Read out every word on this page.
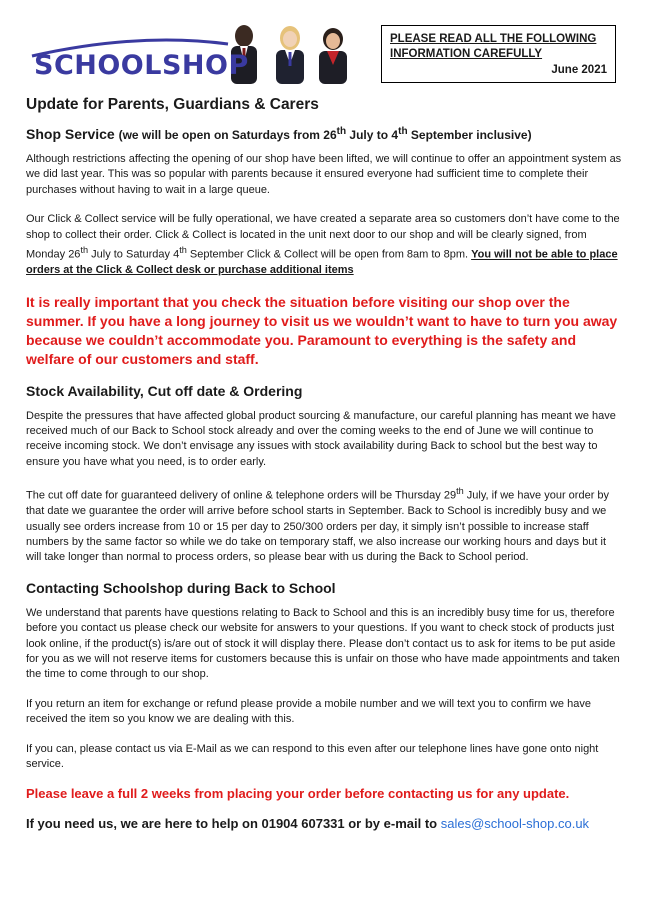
SCHOOLSHOP
PLEASE READ ALL THE FOLLOWING INFORMATION CAREFULLY
June 2021
Update for Parents, Guardians & Carers
Shop Service (we will be open on Saturdays from 26th July to 4th September inclusive)

Although restrictions affecting the opening of our shop have been lifted, we will continue to offer an appointment system as we did last year. This was so popular with parents because it ensured everyone had sufficient time to complete their purchases without having to wait in a large queue.

Our Click & Collect service will be fully operational, we have created a separate area so customers don’t have come to the shop to collect their order. Click & Collect is located in the unit next door to our shop and will be clearly signed, from Monday 26th July to Saturday 4th September Click & Collect will be open from 8am to 8pm. You will not be able to place orders at the Click & Collect desk or purchase additional items

It is really important that you check the situation before visiting our shop over the summer. If you have a long journey to visit us we wouldn’t want to have to turn you away because we couldn’t accommodate you. Paramount to everything is the safety and welfare of our customers and staff.

Stock Availability, Cut off date & Ordering

Despite the pressures that have affected global product sourcing & manufacture, our careful planning has meant we have received much of our Back to School stock already and over the coming weeks to the end of June we will continue to receive incoming stock. We don’t envisage any issues with stock availability during Back to school but the best way to ensure you have what you need, is to order early.

The cut off date for guaranteed delivery of online & telephone orders will be Thursday 29th July, if we have your order by that date we guarantee the order will arrive before school starts in September. Back to School is incredibly busy and we usually see orders increase from 10 or 15 per day to 250/300 orders per day, it simply isn’t possible to increase staff numbers by the same factor so while we do take on temporary staff, we also increase our working hours and days but it will take longer than normal to process orders, so please bear with us during the Back to School period.

Contacting Schoolshop during Back to School

We understand that parents have questions relating to Back to School and this is an incredibly busy time for us, therefore before you contact us please check our website for answers to your questions. If you want to check stock of products just look online, if the product(s) is/are out of stock it will display there. Please don’t contact us to ask for items to be put aside for you as we will not reserve items for customers because this is unfair on those who have made appointments and taken the time to come through to our shop.

If you return an item for exchange or refund please provide a mobile number and we will text you to confirm we have received the item so you know we are dealing with this.

If you can, please contact us via E-Mail as we can respond to this even after our telephone lines have gone onto night service.

Please leave a full 2 weeks from placing your order before contacting us for any update.

If you need us, we are here to help on 01904 607331 or by e-mail to sales@school-shop.co.uk
